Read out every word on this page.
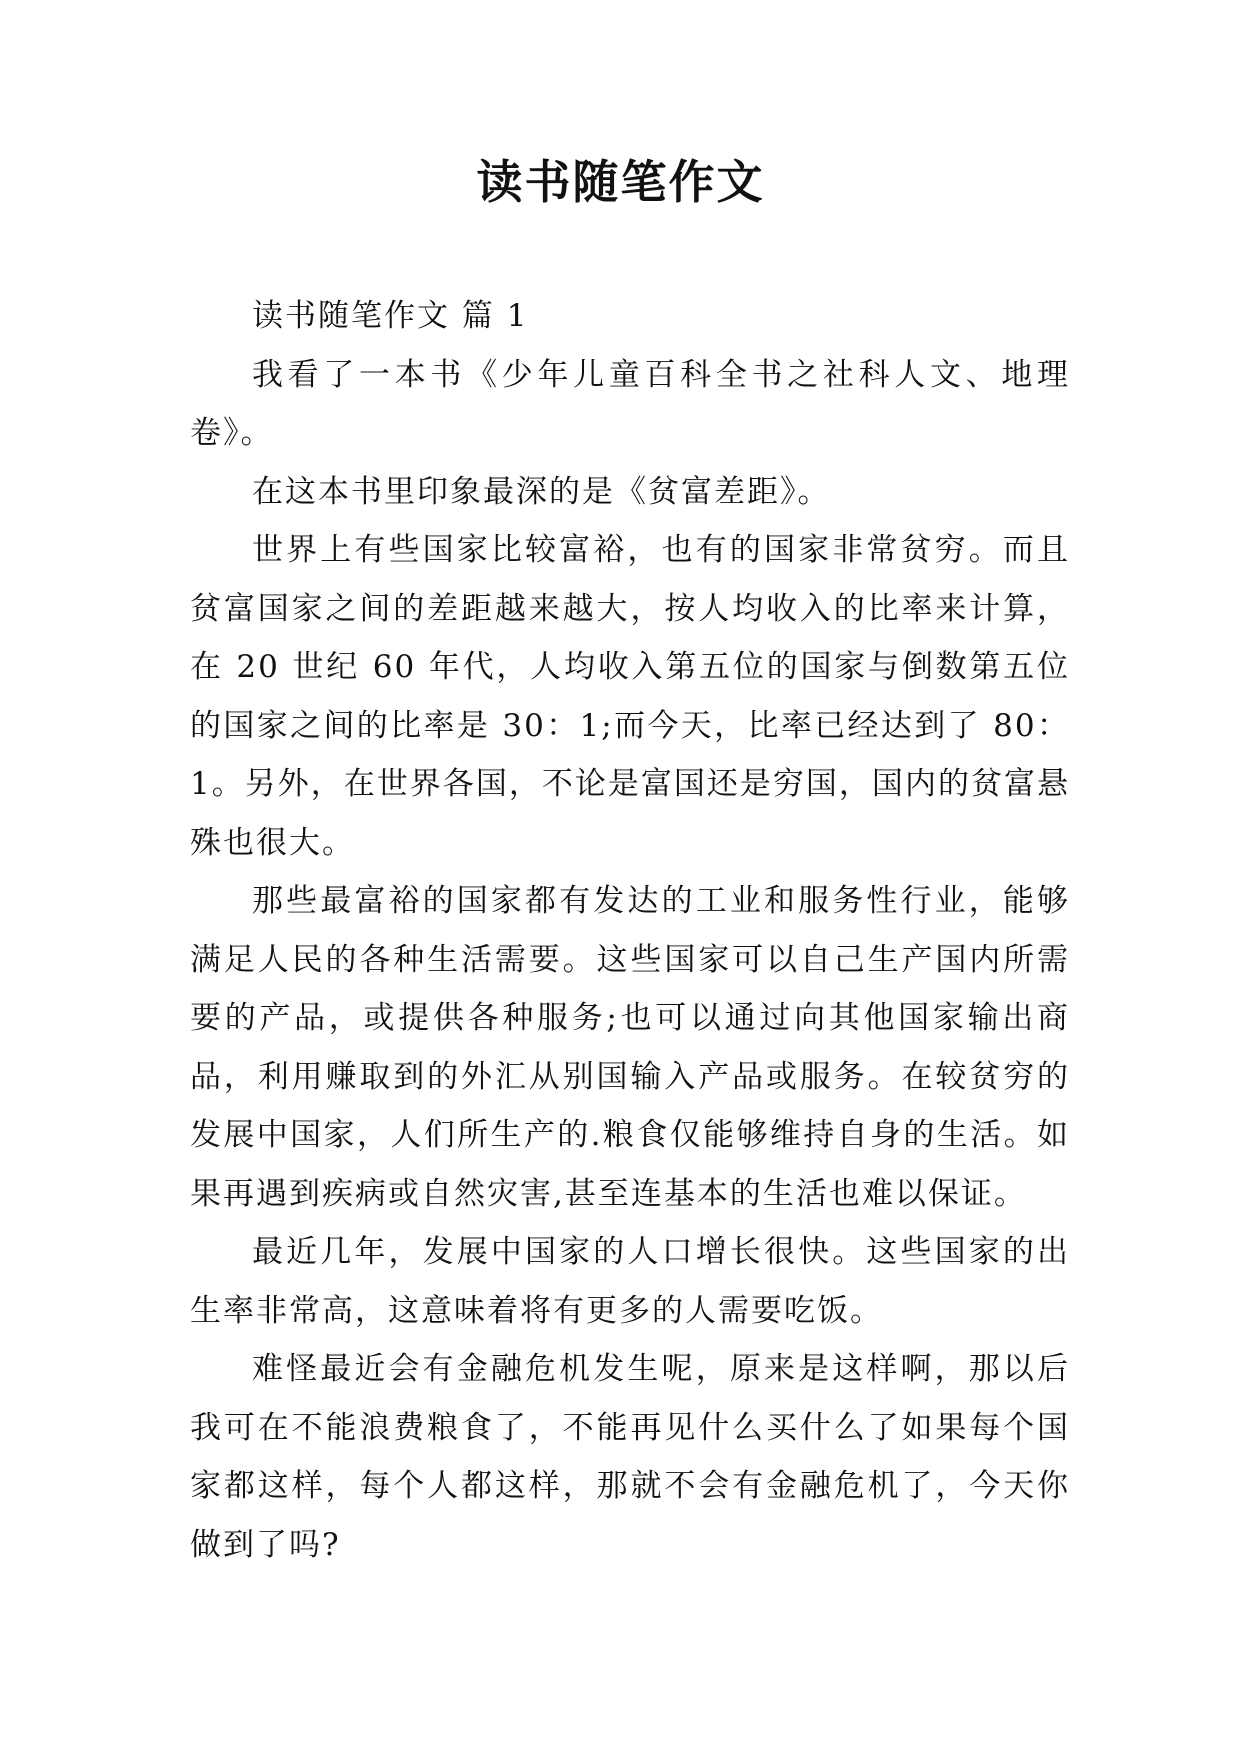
读书随笔作文

读书随笔作文 篇 1

我看了一本书《少年儿童百科全书之社科人文、地理卷》。

在这本书里印象最深的是《贫富差距》。

世界上有些国家比较富裕，也有的国家非常贫穷。而且贫富国家之间的差距越来越大，按人均收入的比率来计算，在 20 世纪 60 年代，人均收入第五位的国家与倒数第五位的国家之间的比率是 30：1;而今天，比率已经达到了 80：1。另外，在世界各国，不论是富国还是穷国，国内的贫富悬殊也很大。

那些最富裕的国家都有发达的工业和服务性行业，能够满足人民的各种生活需要。这些国家可以自己生产国内所需要的产品，或提供各种服务;也可以通过向其他国家输出商品，利用赚取到的外汇从别国输入产品或服务。在较贫穷的发展中国家，人们所生产的.粮食仅能够维持自身的生活。如果再遇到疾病或自然灾害,甚至连基本的生活也难以保证。

最近几年，发展中国家的人口增长很快。这些国家的出生率非常高，这意味着将有更多的人需要吃饭。

难怪最近会有金融危机发生呢，原来是这样啊，那以后我可在不能浪费粮食了，不能再见什么买什么了如果每个国家都这样，每个人都这样，那就不会有金融危机了，今天你做到了吗?
